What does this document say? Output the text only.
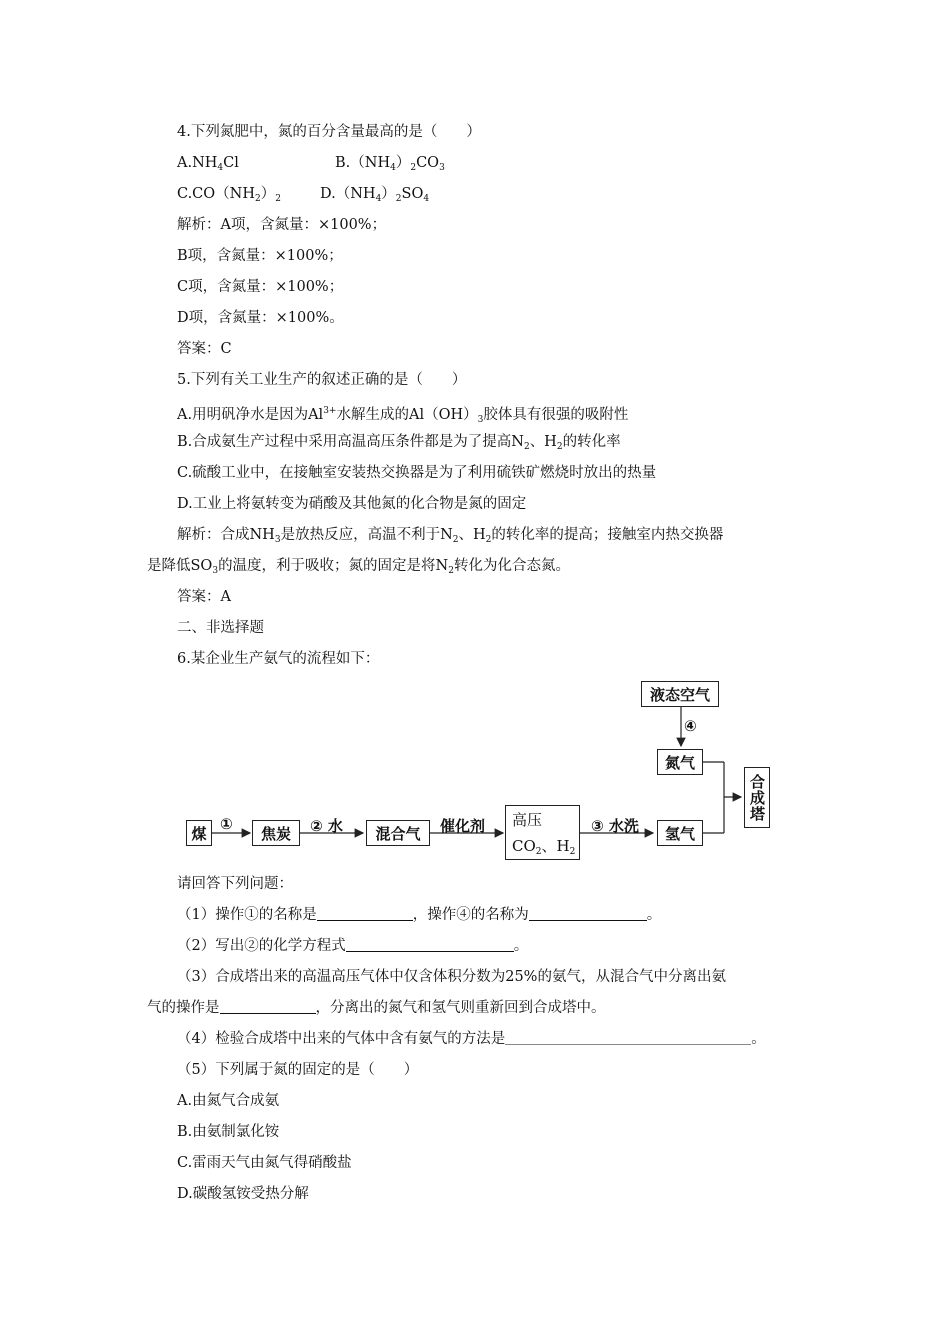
4.下列氮肥中，氮的百分含量最高的是（　　）
$A.NH_4Cl$	$B.(NH_4)_2CO_3$
$C.CO(NH_2)_2$	$D.(NH_4)_2SO_4$
解析：A项，含氮量：×100%；
B项，含氮量：×100%；
C项，含氮量：×100%；
D项，含氮量：×100%。
答案：C
5.下列有关工业生产的叙述正确的是（　　）
A.用明矾净水是因为$Al^{3+}$水解生成的$Al(OH)_3$胶体具有很强的吸附性
B.合成氨生产过程中采用高温高压条件都是为了提高$N_2$、$H_2$的转化率
C.硫酸工业中，在接触室安装热交换器是为了利用硫铁矿燃烧时放出的热量
D.工业上将氨转变为硝酸及其他氮的化合物是氮的固定
解析：合成$NH_3$是放热反应，高温不利于$N_2$、$H_2$的转化率的提高；接触室内热交换器
是降低$SO_3$的温度，利于吸收；氮的固定是将$N_2$转化为化合态氮。
答案：A
二、非选择题
6.某企业生产氨气的流程如下：
煤	焦炭	混合气
高压
$CO_2$、$H_2$
氢气
氮气
液态空气
合成塔
①	② 水	催化剂	③ 水洗
④
请回答下列问题：
（1）操作①的名称是	，操作④的名称为	。
（2）写出②的化学方程式	。
（3）合成塔出来的高温高压气体中仅含体积分数为25%的氨气，从混合气中分离出氨
气的操作是	，分离出的氮气和氢气则重新回到合成塔中。
（4）检验合成塔中出来的气体中含有氨气的方法是	。
（5）下列属于氮的固定的是（　　）
A.由氮气合成氨
B.由氨制氯化铵
C.雷雨天气由氮气得硝酸盐
D.碳酸氢铵受热分解
